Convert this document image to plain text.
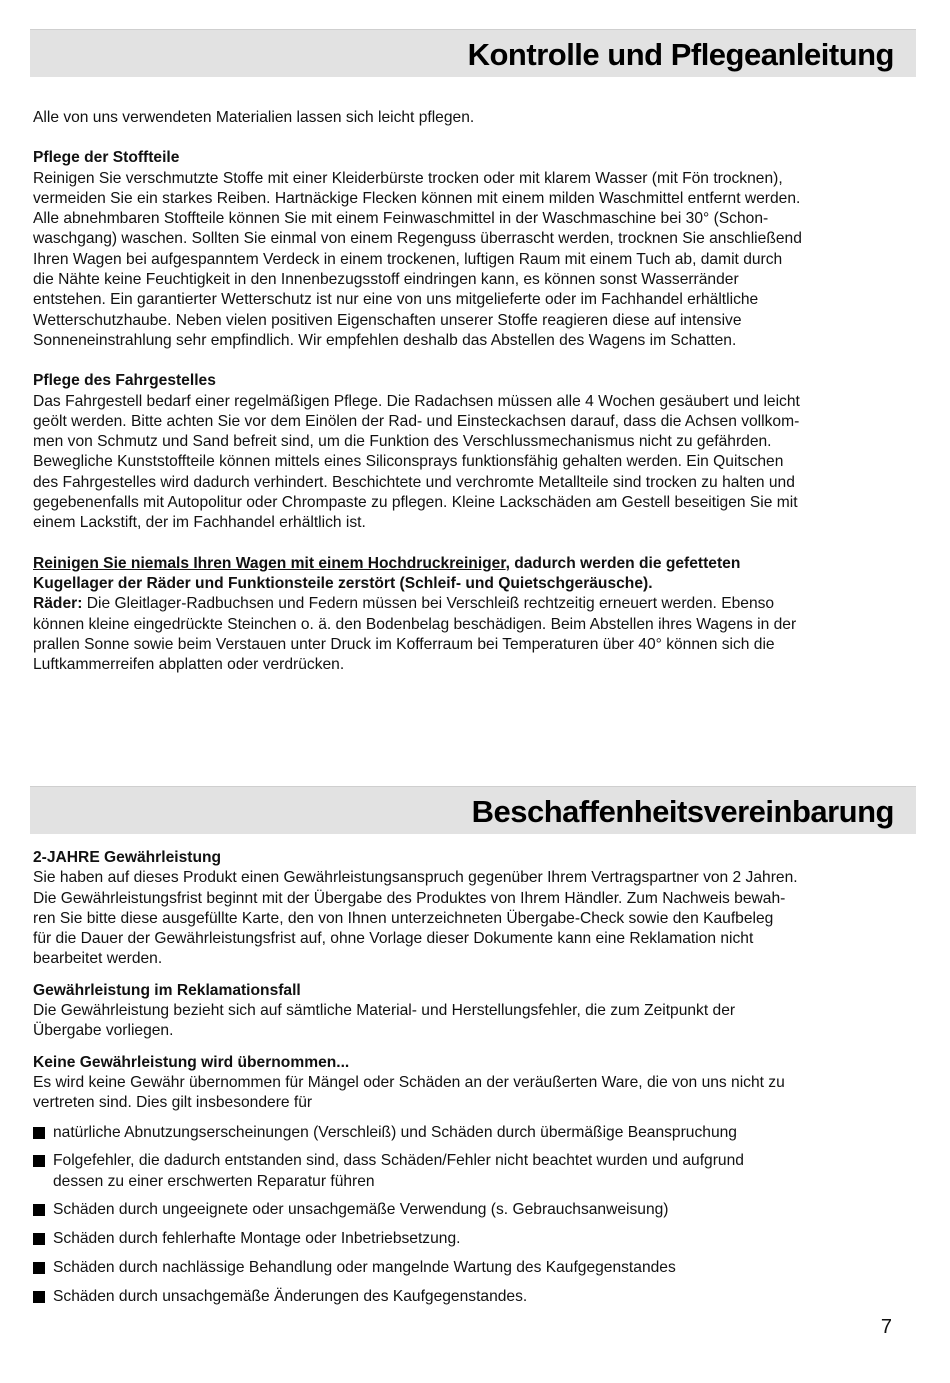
Kontrolle und Pflegeanleitung

Alle von uns verwendeten Materialien lassen sich leicht pflegen.

Pflege der Stoffteile

Reinigen Sie verschmutzte Stoffe mit einer Kleiderbürste trocken oder mit klarem Wasser (mit Fön trocknen),
vermeiden Sie ein starkes Reiben. Hartnäckige Flecken können mit einem milden Waschmittel entfernt werden.
Alle abnehmbaren Stoffteile können Sie mit einem Feinwaschmittel in der Waschmaschine bei 30° (Schon-
waschgang) waschen. Sollten Sie einmal von einem Regenguss überrascht werden, trocknen Sie anschließend
Ihren Wagen bei aufgespanntem Verdeck in einem trockenen, luftigen Raum mit einem Tuch ab, damit durch
die Nähte keine Feuchtigkeit in den Innenbezugsstoff eindringen kann, es können sonst Wasserränder
entstehen. Ein garantierter Wetterschutz ist nur eine von uns mitgelieferte oder im Fachhandel erhältliche
Wetterschutzhaube. Neben vielen positiven Eigenschaften unserer Stoffe reagieren diese auf intensive
Sonneneinstrahlung sehr empfindlich. Wir empfehlen deshalb das Abstellen des Wagens im Schatten.

Pflege des Fahrgestelles

Das Fahrgestell bedarf einer regelmäßigen Pflege. Die Radachsen müssen alle 4 Wochen gesäubert und leicht
geölt werden. Bitte achten Sie vor dem Einölen der Rad- und Einsteckachsen darauf, dass die Achsen vollkom-
men von Schmutz und Sand befreit sind, um die Funktion des Verschlussmechanismus nicht zu gefährden.
Bewegliche Kunststoffteile können mittels eines Siliconsprays funktionsfähig gehalten werden. Ein Quitschen
des Fahrgestelles wird dadurch verhindert. Beschichtete und verchromte Metallteile sind trocken zu halten und
gegebenenfalls mit Autopolitur oder Chrompaste zu pflegen. Kleine Lackschäden am Gestell beseitigen Sie mit
einem Lackstift, der im Fachhandel erhältlich ist.
Reinigen Sie niemals Ihren Wagen mit einem Hochdruckreiniger, dadurch werden die gefetteten
Kugellager der Räder und Funktionsteile zerstört (Schleif- und Quietschgeräusche).
Räder: Die Gleitlager-Radbuchsen und Federn müssen bei Verschleiß rechtzeitig erneuert werden. Ebenso
können kleine eingedrückte Steinchen o. ä. den Bodenbelag beschädigen. Beim Abstellen ihres Wagens in der
prallen Sonne sowie beim Verstauen unter Druck im Kofferraum bei Temperaturen über 40° können sich die
Luftkammerreifen abplatten oder verdrücken.
Beschaffenheitsvereinbarung

2-JAHRE Gewährleistung

Sie haben auf dieses Produkt einen Gewährleistungsanspruch gegenüber Ihrem Vertragspartner von 2 Jahren.
Die Gewährleistungsfrist beginnt mit der Übergabe des Produktes von Ihrem Händler. Zum Nachweis bewah-
ren Sie bitte diese ausgefüllte Karte, den von Ihnen unterzeichneten Übergabe-Check sowie den Kaufbeleg
für die Dauer der Gewährleistungsfrist auf, ohne Vorlage dieser Dokumente kann eine Reklamation nicht
bearbeitet werden.

Gewährleistung im Reklamationsfall

Die Gewährleistung bezieht sich auf sämtliche Material- und Herstellungsfehler, die zum Zeitpunkt der
Übergabe vorliegen.

Keine Gewährleistung wird übernommen...

Es wird keine Gewähr übernommen für Mängel oder Schäden an der veräußerten Ware, die von uns nicht zu
vertreten sind. Dies gilt insbesondere für
natürliche Abnutzungserscheinungen (Verschleiß) und Schäden durch übermäßige Beanspruchung
Folgefehler, die dadurch entstanden sind, dass Schäden/Fehler nicht beachtet wurden und aufgrund
dessen zu einer erschwerten Reparatur führen
Schäden durch ungeeignete oder unsachgemäße Verwendung (s. Gebrauchsanweisung)
Schäden durch fehlerhafte Montage oder Inbetriebsetzung.
Schäden durch nachlässige Behandlung oder mangelnde Wartung des Kaufgegenstandes
Schäden durch unsachgemäße Änderungen des Kaufgegenstandes.
7
